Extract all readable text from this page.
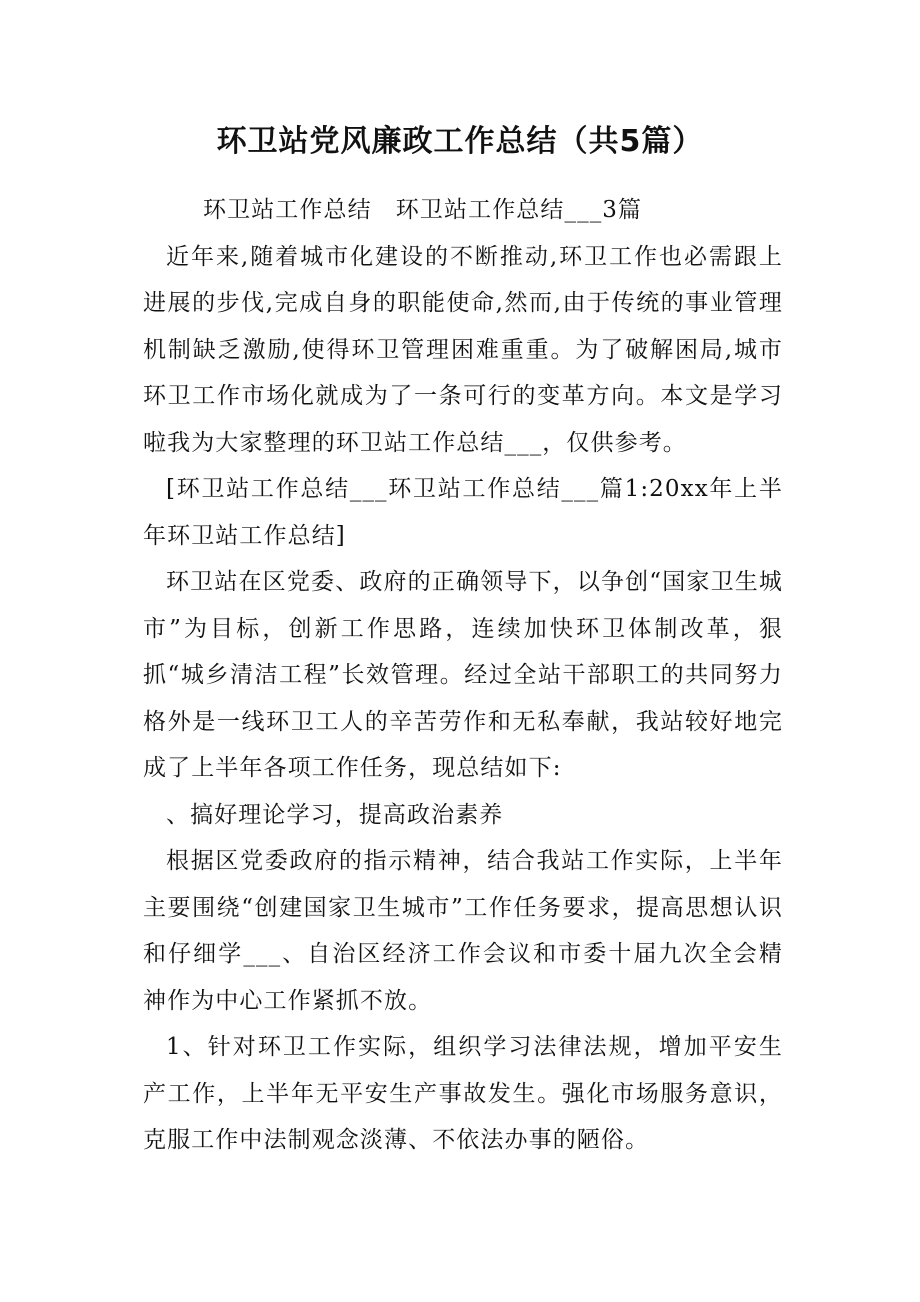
环卫站党风廉政工作总结（共5篇）

环卫站工作总结　环卫站工作总结___3篇

近年来,随着城市化建设的不断推动,环卫工作也必需跟上进展的步伐,完成自身的职能使命,然而,由于传统的事业管理机制缺乏激励,使得环卫管理困难重重。为了破解困局,城市环卫工作市场化就成为了一条可行的变革方向。本文是学习啦我为大家整理的环卫站工作总结___，仅供参考。

[环卫站工作总结___环卫站工作总结___篇1:20xx年上半年环卫站工作总结]

环卫站在区党委、政府的正确领导下，以争创“国家卫生城市”为目标，创新工作思路，连续加快环卫体制改革，狠抓“城乡清洁工程”长效管理。经过全站干部职工的共同努力格外是一线环卫工人的辛苦劳作和无私奉献，我站较好地完成了上半年各项工作任务，现总结如下:

、搞好理论学习，提高政治素养

根据区党委政府的指示精神，结合我站工作实际，上半年主要围绕“创建国家卫生城市”工作任务要求，提高思想认识和仔细学___、自治区经济工作会议和市委十届九次全会精神作为中心工作紧抓不放。

1、针对环卫工作实际，组织学习法律法规，增加平安生产工作，上半年无平安生产事故发生。强化市场服务意识，克服工作中法制观念淡薄、不依法办事的陋俗。
